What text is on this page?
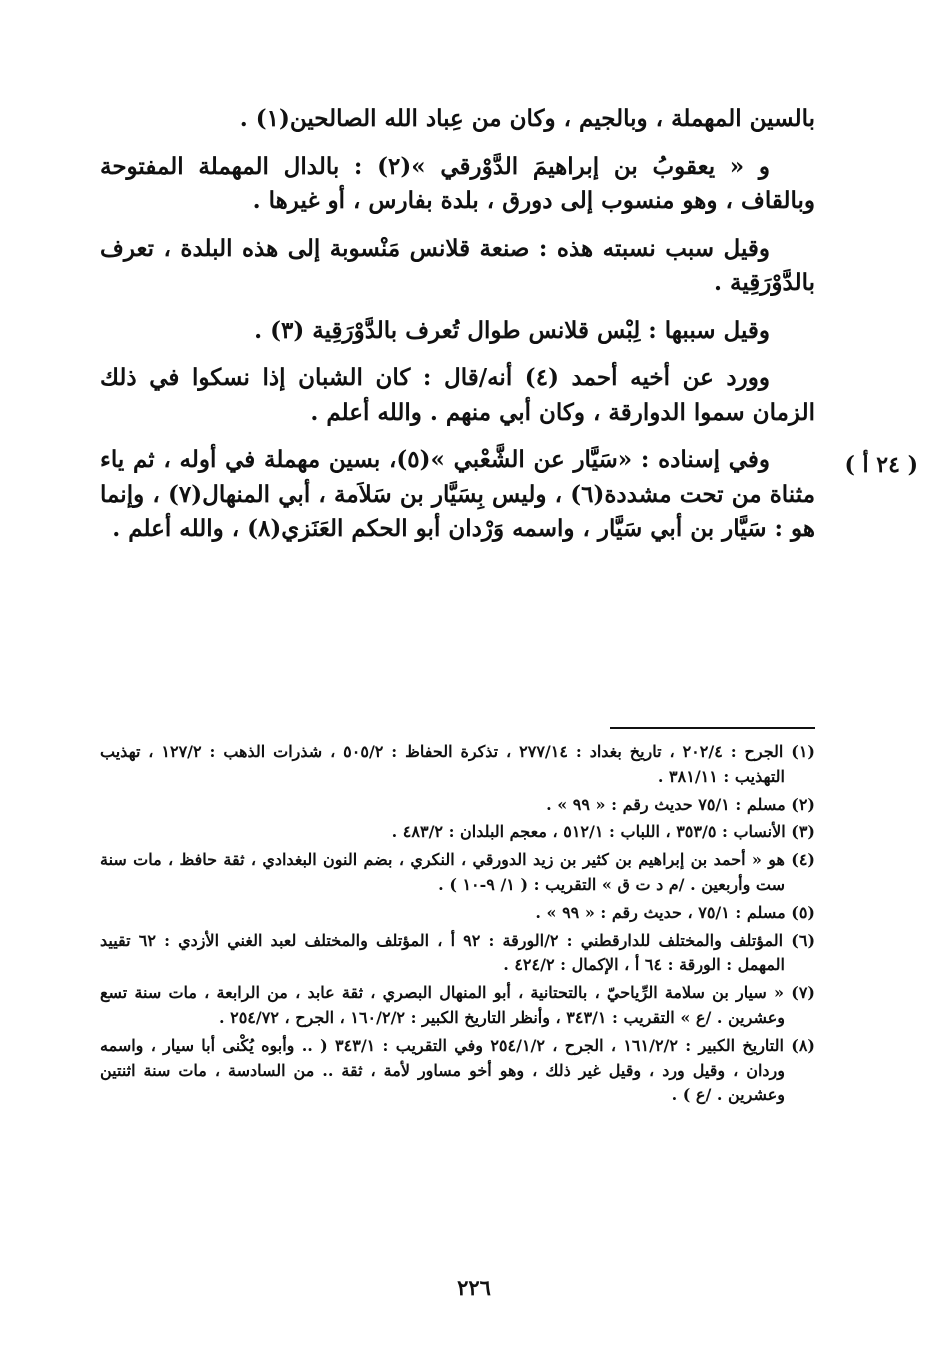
بالسين المهملة ، وبالجيم ، وكان من عِباد الله الصالحين(١) .

و « يعقوبُ بن إبراهيمَ الدَّوْرقي »(٢) : بالدال المهملة المفتوحة وبالقاف ، وهو منسوب إلى دورق ، بلدة بفارس ، أو غيرها .

وقيل سبب نسبته هذه : صنعة قلانس مَنْسوبة إلى هذه البلدة ، تعرف بالدَّوْرَقِية .

وقيل سببها : لِبْس قلانس طوال تُعرف بالدَّوْرَقِية (٣) .

وورد عن أخيه أحمد (٤) أنه/قال : كان الشبان إذا نسكوا في ذلك الزمان سموا الدوارقة ، وكان أبي منهم . والله أعلم .

وفي إسناده : «سَيَّار عن الشَّعْبي »(٥)، بسين مهملة في أوله ، ثم ياء مثناة من تحت مشددة(٦) ، وليس بِسَيَّار بن سَلاَمة ، أبي المنهال(٧) ، وإنما هو : سَيَّار بن أبي سَيَّار ، واسمه وَرْدان أبو الحكم العَنَزي(٨) ، والله أعلم .

( ٢٤ أ )

(١) الجرح : ٢٠٢/٤ ، تاريخ بغداد : ٢٧٧/١٤ ، تذكرة الحفاظ : ٥٠٥/٢ ، شذرات الذهب : ١٢٧/٢ ، تهذيب التهذيب : ٣٨١/١١ .

(٢) مسلم : ٧٥/١ حديث رقم : « ٩٩ » .

(٣) الأنساب : ٣٥٣/٥ ، اللباب : ٥١٢/١ ، معجم البلدان : ٤٨٣/٢ .

(٤) هو « أحمد بن إبراهيم بن كثير بن زيد الدورقي ، النكري ، بضم النون البغدادي ، ثقة حافظ ، مات سنة ست وأربعين . /م د ت ق » التقريب : ( ١/ ٩-١٠ ) .

(٥) مسلم : ٧٥/١ ، حديث رقم : « ٩٩ » .

(٦) المؤتلف والمختلف للدارقطني : ٢/الورقة : ٩٢ أ ، المؤتلف والمختلف لعبد الغني الأزدي : ٦٢ تقييد المهمل : الورقة : ٦٤ أ ، الإكمال : ٤٢٤/٢ .

(٧) « سيار بن سلامة الرِّياحيّ ، بالتحتانية ، أبو المنهال البصري ، ثقة عابد ، من الرابعة ، مات سنة تسع وعشرين . /ع » التقريب : ٣٤٣/١ ، وأنظر التاريخ الكبير : ١٦٠/٢/٢ ، الجرح ، ٢٥٤/٧٢ .

(٨) التاريخ الكبير : ١٦١/٢/٢ ، الجرح ، ٢٥٤/١/٢ وفي التقريب : ٣٤٣/١ ( .. وأبوه يُكْنى أبا سيار ، واسمه وردان ، وقيل ورد ، وقيل غير ذلك ، وهو أخو مساور لأمة ، ثقة .. من السادسة ، مات سنة اثنتين وعشرين . /ع ) .

٢٢٦
